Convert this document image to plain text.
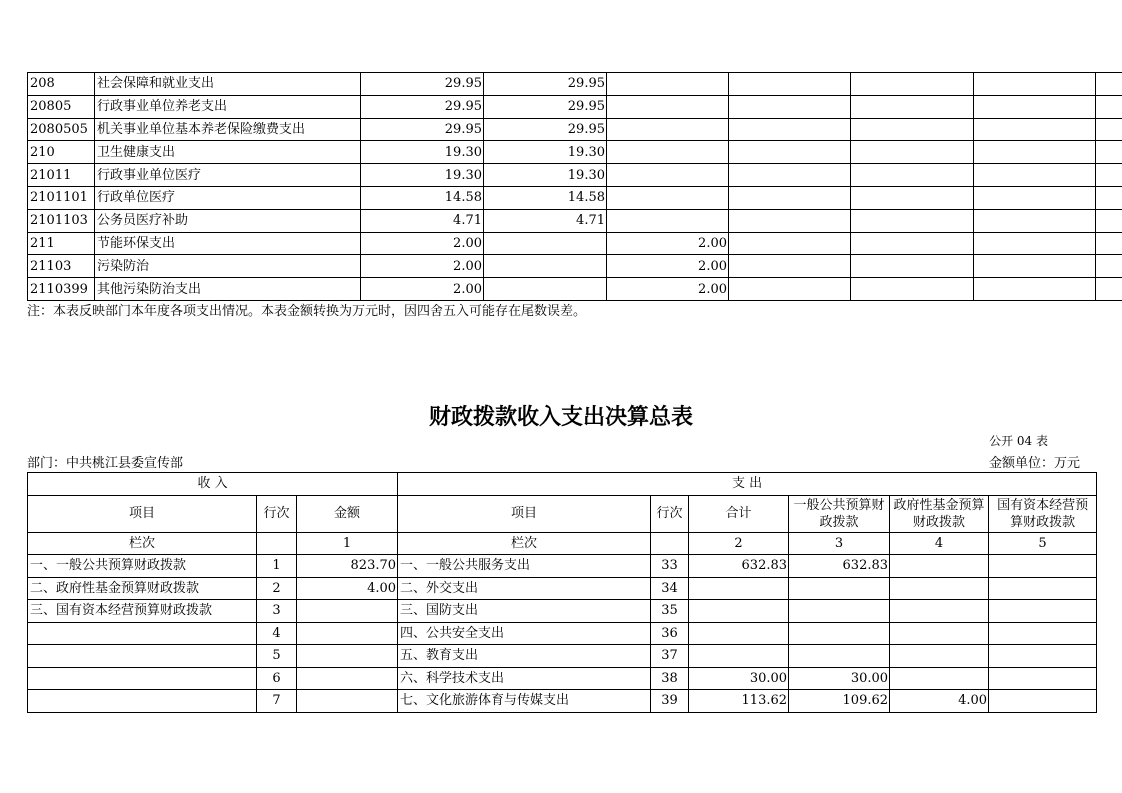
208	社会保障和就业支出	29.95	29.95					
20805	行政事业单位养老支出	29.95	29.95					
2080505	机关事业单位基本养老保险缴费支出	29.95	29.95					
210	卫生健康支出	19.30	19.30					
21011	行政事业单位医疗	19.30	19.30					
2101101	行政单位医疗	14.58	14.58					
2101103	公务员医疗补助	4.71	4.71					
211	节能环保支出	2.00		2.00				
21103	污染防治	2.00		2.00				
2110399	其他污染防治支出	2.00		2.00				
注：本表反映部门本年度各项支出情况。本表金额转换为万元时，因四舍五入可能存在尾数误差。
财政拨款收入支出决算总表
公开 04 表
部门：中共桃江县委宣传部	金额单位：万元
收 入			支 出					
项目	行次	金额	项目	行次	合计	一般公共预算财政拨款	政府性基金预算财政拨款	国有资本经营预算财政拨款
栏次		1	栏次		2	3	4	5
一、一般公共预算财政拨款	1	823.70	一、一般公共服务支出	33	632.83	632.83		
二、政府性基金预算财政拨款	2	4.00	二、外交支出	34				
三、国有资本经营预算财政拨款	3		三、国防支出	35				
	4		四、公共安全支出	36				
	5		五、教育支出	37				
	6		六、科学技术支出	38	30.00	30.00		
	7		七、文化旅游体育与传媒支出	39	113.62	109.62	4.00	
